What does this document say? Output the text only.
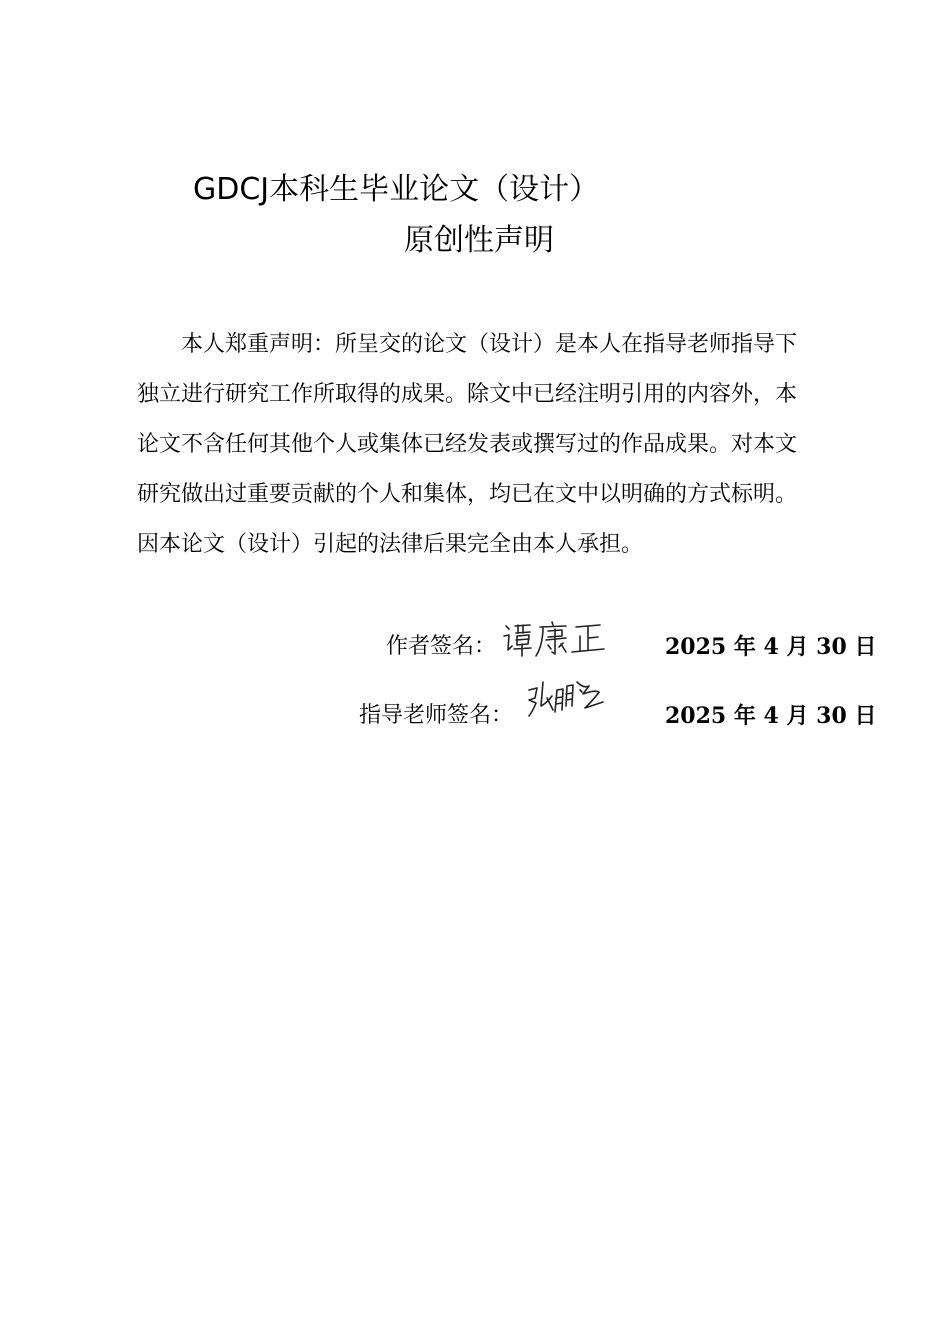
GDCJ本科生毕业论文（设计）
原创性声明
本人郑重声明：所呈交的论文（设计）是本人在指导老师指导下
独立进行研究工作所取得的成果。除文中已经注明引用的内容外，本
论文不含任何其他个人或集体已经发表或撰写过的作品成果。对本文
研究做出过重要贡献的个人和集体，均已在文中以明确的方式标明。
因本论文（设计）引起的法律后果完全由本人承担。
作者签名：	2025 年 4 月 30 日
指导老师签名：	2025 年 4 月 30 日
